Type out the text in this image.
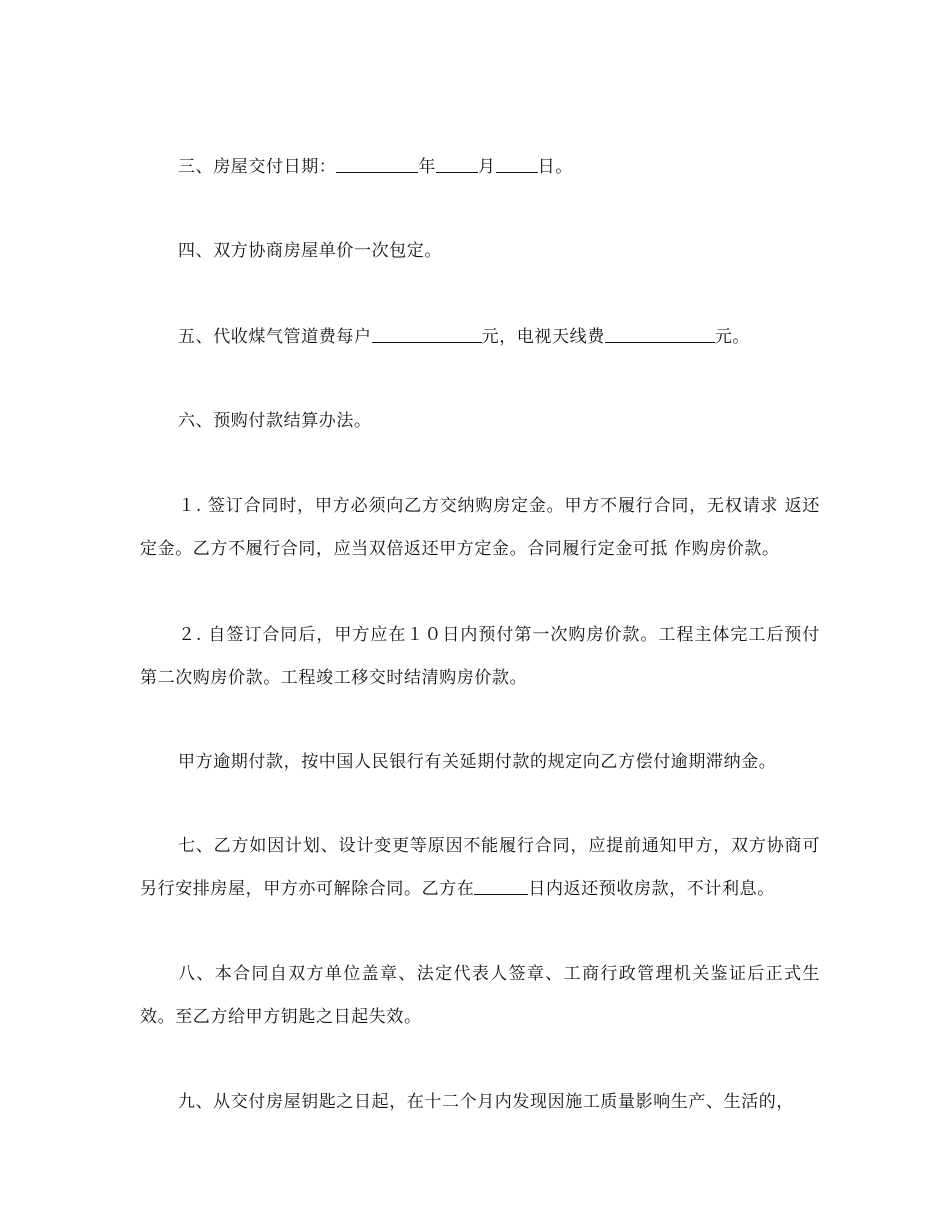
三、房屋交付日期：	年 月 日。

四、双方协商房屋单价一次包定。

五、代收煤气管道费每户	元，电视天线费	元。

六、预购付款结算办法。

１. 签订合同时，甲方必须向乙方交纳购房定金。甲方不履行合同，无权请求 返还定金。乙方不履行合同，应当双倍返还甲方定金。合同履行定金可抵 作购房价款。

２. 自签订合同后，甲方应在１０日内预付第一次购房价款。工程主体完工后预付第二次购房价款。工程竣工移交时结清购房价款。

甲方逾期付款，按中国人民银行有关延期付款的规定向乙方偿付逾期滞纳金。

七、乙方如因计划、设计变更等原因不能履行合同，应提前通知甲方，双方协商可另行安排房屋，甲方亦可解除合同。乙方在	日内返还预收房款，不计利息。

八、本合同自双方单位盖章、法定代表人签章、工商行政管理机关鉴证后正式生效。至乙方给甲方钥匙之日起失效。

九、从交付房屋钥匙之日起，在十二个月内发现因施工质量影响生产、生活的，
